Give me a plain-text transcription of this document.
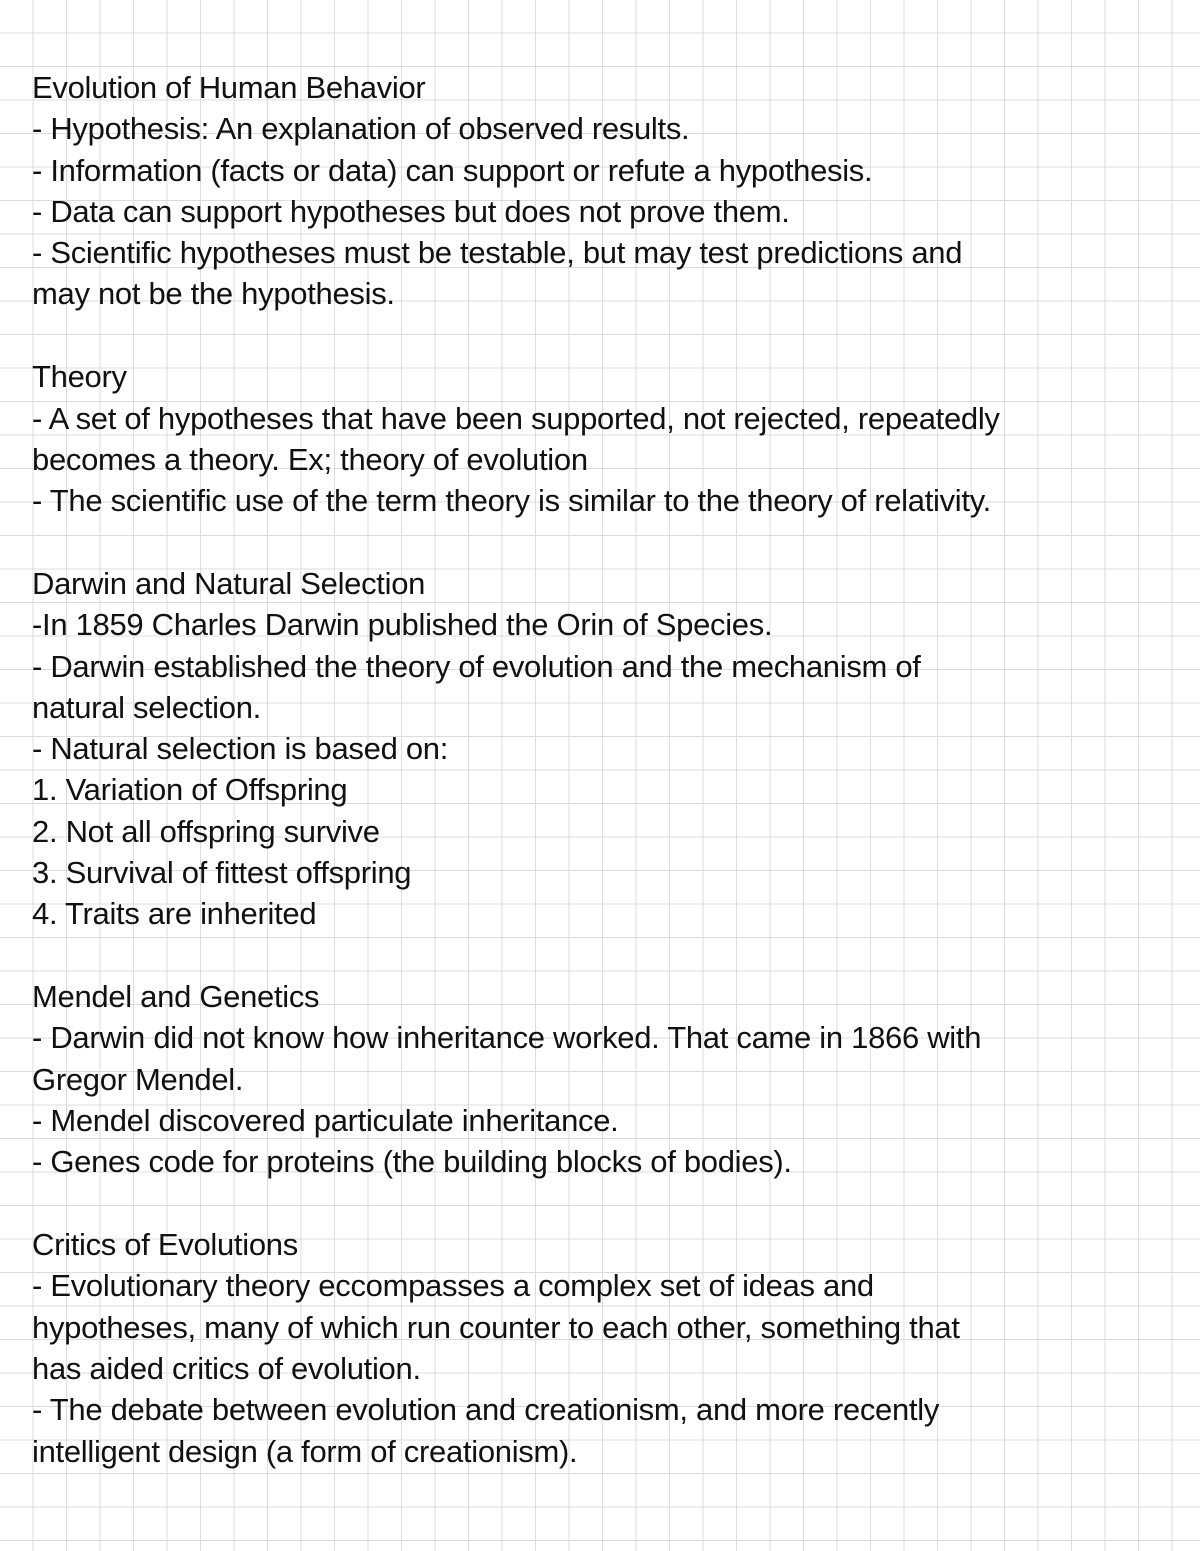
Evolution of Human Behavior
- Hypothesis: An explanation of observed results.
- Information (facts or data) can support or refute a hypothesis.
- Data can support hypotheses but does not prove them.
- Scientific hypotheses must be testable, but may test predictions and
may not be the hypothesis.
Theory
- A set of hypotheses that have been supported, not rejected, repeatedly
becomes a theory. Ex; theory of evolution
- The scientific use of the term theory is similar to the theory of relativity.
Darwin and Natural Selection
-In 1859 Charles Darwin published the Orin of Species.
- Darwin established the theory of evolution and the mechanism of
natural selection.
- Natural selection is based on:
1. Variation of Offspring
2. Not all offspring survive
3. Survival of fittest offspring
4. Traits are inherited
Mendel and Genetics
- Darwin did not know how inheritance worked. That came in 1866 with
Gregor Mendel.
- Mendel discovered particulate inheritance.
- Genes code for proteins (the building blocks of bodies).
Critics of Evolutions
- Evolutionary theory eccompasses a complex set of ideas and
hypotheses, many of which run counter to each other, something that
has aided critics of evolution.
- The debate between evolution and creationism, and more recently
intelligent design (a form of creationism).
